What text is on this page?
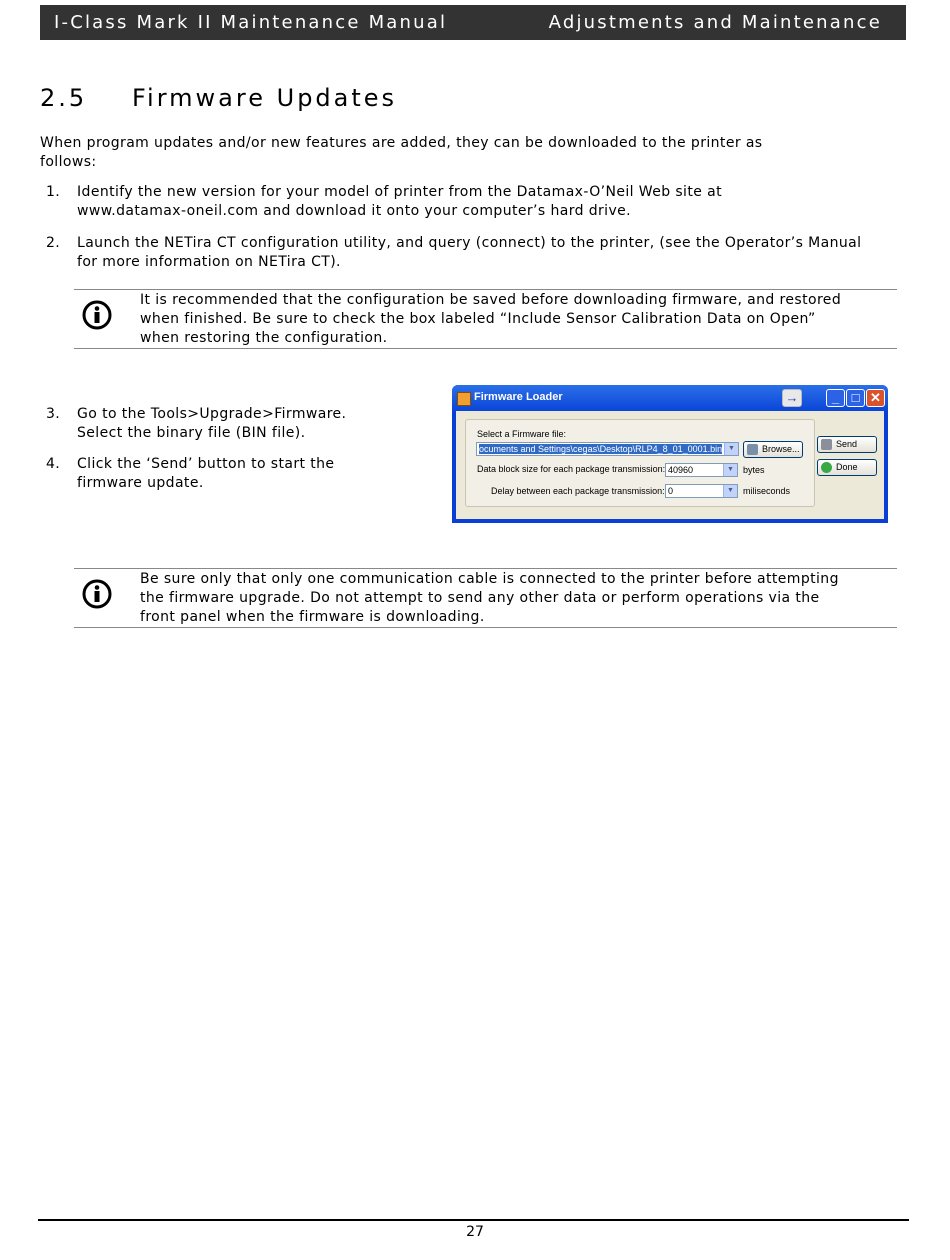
I-Class Mark II Maintenance Manual	Adjustments and Maintenance
2.5 Firmware Updates

When program updates and/or new features are added, they can be downloaded to the printer as follows:

1. Identify the new version for your model of printer from the Datamax-O’Neil Web site at
www.datamax-oneil.com and download it onto your computer’s hard drive.
2. Launch the NETira CT configuration utility, and query (connect) to the printer, (see the Operator’s Manual
for more information on NETira CT).
It is recommended that the configuration be saved before downloading firmware, and restored
when finished. Be sure to check the box labeled “Include Sensor Calibration Data on Open”
when restoring the configuration.
3. Go to the Tools>Upgrade>Firmware.
Select the binary file (BIN file).
4. Click the ‘Send’ button to start the
firmware update.
Firmware Loader	→	_ □ ✕
Select a Firmware file:
ocuments and Settings\cegas\Desktop\RLP4_8_01_0001.bin ▼	Browse...
Data block size for each package transmission: 40960	▼	bytes
Delay between each package transmission: 0	▼	miliseconds
Send
Done
Be sure only that only one communication cable is connected to the printer before attempting
the firmware upgrade. Do not attempt to send any other data or perform operations via the
front panel when the firmware is downloading.
27
